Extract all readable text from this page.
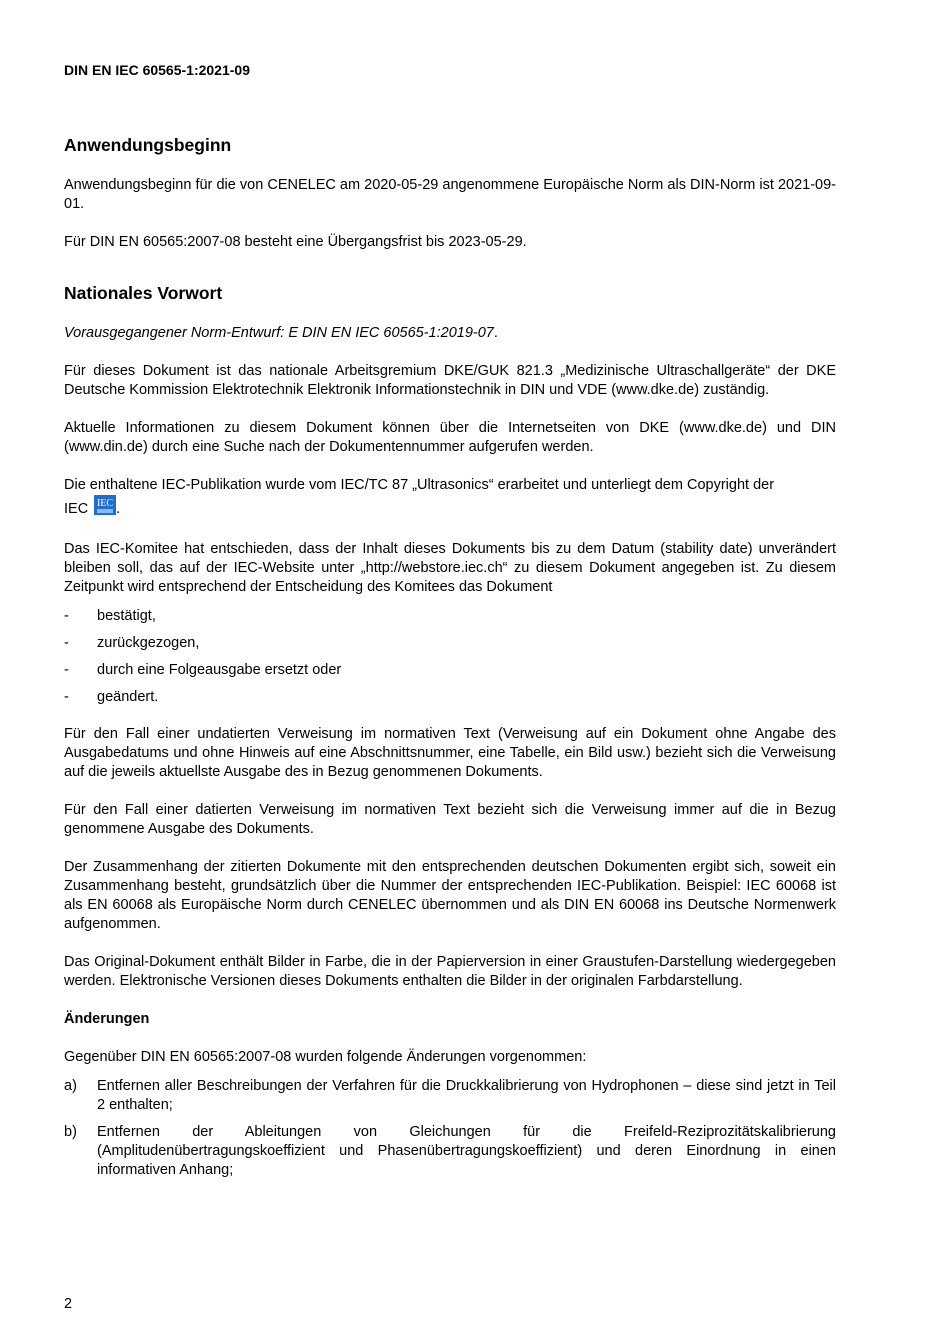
DIN EN IEC 60565-1:2021-09
Anwendungsbeginn

Anwendungsbeginn für die von CENELEC am 2020-05-29 angenommene Europäische Norm als DIN-Norm ist 2021-09-01.

Für DIN EN 60565:2007-08 besteht eine Übergangsfrist bis 2023-05-29.

Nationales Vorwort

Vorausgegangener Norm-Entwurf: E DIN EN IEC 60565-1:2019-07.

Für dieses Dokument ist das nationale Arbeitsgremium DKE/GUK 821.3 „Medizinische Ultraschallgeräte“ der DKE Deutsche Kommission Elektrotechnik Elektronik Informationstechnik in DIN und VDE (www.dke.de) zuständig.

Aktuelle Informationen zu diesem Dokument können über die Internetseiten von DKE (www.dke.de) und DIN (www.din.de) durch eine Suche nach der Dokumentennummer aufgerufen werden.

Die enthaltene IEC-Publikation wurde vom IEC/TC 87 „Ultrasonics“ erarbeitet und unterliegt dem Copyright der

IEC IEC .

Das IEC-Komitee hat entschieden, dass der Inhalt dieses Dokuments bis zu dem Datum (stability date) unverändert bleiben soll, das auf der IEC-Website unter „http://webstore.iec.ch“ zu diesem Dokument angegeben ist. Zu diesem Zeitpunkt wird entsprechend der Entscheidung des Komitees das Dokument

-	bestätigt,
-	zurückgezogen,
-	durch eine Folgeausgabe ersetzt oder
-	geändert.

Für den Fall einer undatierten Verweisung im normativen Text (Verweisung auf ein Dokument ohne Angabe des Ausgabedatums und ohne Hinweis auf eine Abschnittsnummer, eine Tabelle, ein Bild usw.) bezieht sich die Verweisung auf die jeweils aktuellste Ausgabe des in Bezug genommenen Dokuments.

Für den Fall einer datierten Verweisung im normativen Text bezieht sich die Verweisung immer auf die in Bezug genommene Ausgabe des Dokuments.

Der Zusammenhang der zitierten Dokumente mit den entsprechenden deutschen Dokumenten ergibt sich, soweit ein Zusammenhang besteht, grundsätzlich über die Nummer der entsprechenden IEC-Publikation. Beispiel: IEC 60068 ist als EN 60068 als Europäische Norm durch CENELEC übernommen und als DIN EN 60068 ins Deutsche Normenwerk aufgenommen.

Das Original-Dokument enthält Bilder in Farbe, die in der Papierversion in einer Graustufen-Darstellung wiedergegeben werden. Elektronische Versionen dieses Dokuments enthalten die Bilder in der originalen Farbdarstellung.

Änderungen

Gegenüber DIN EN 60565:2007-08 wurden folgende Änderungen vorgenommen:

a)	Entfernen aller Beschreibungen der Verfahren für die Druckkalibrierung von Hydrophonen – diese sind jetzt in Teil 2 enthalten;
b)	Entfernen der Ableitungen von Gleichungen für die Freifeld-Reziprozitätskalibrierung (Amplitudenübertragungskoeffizient und Phasenübertragungskoeffizient) und deren Einordnung in einen informativen Anhang;
2
